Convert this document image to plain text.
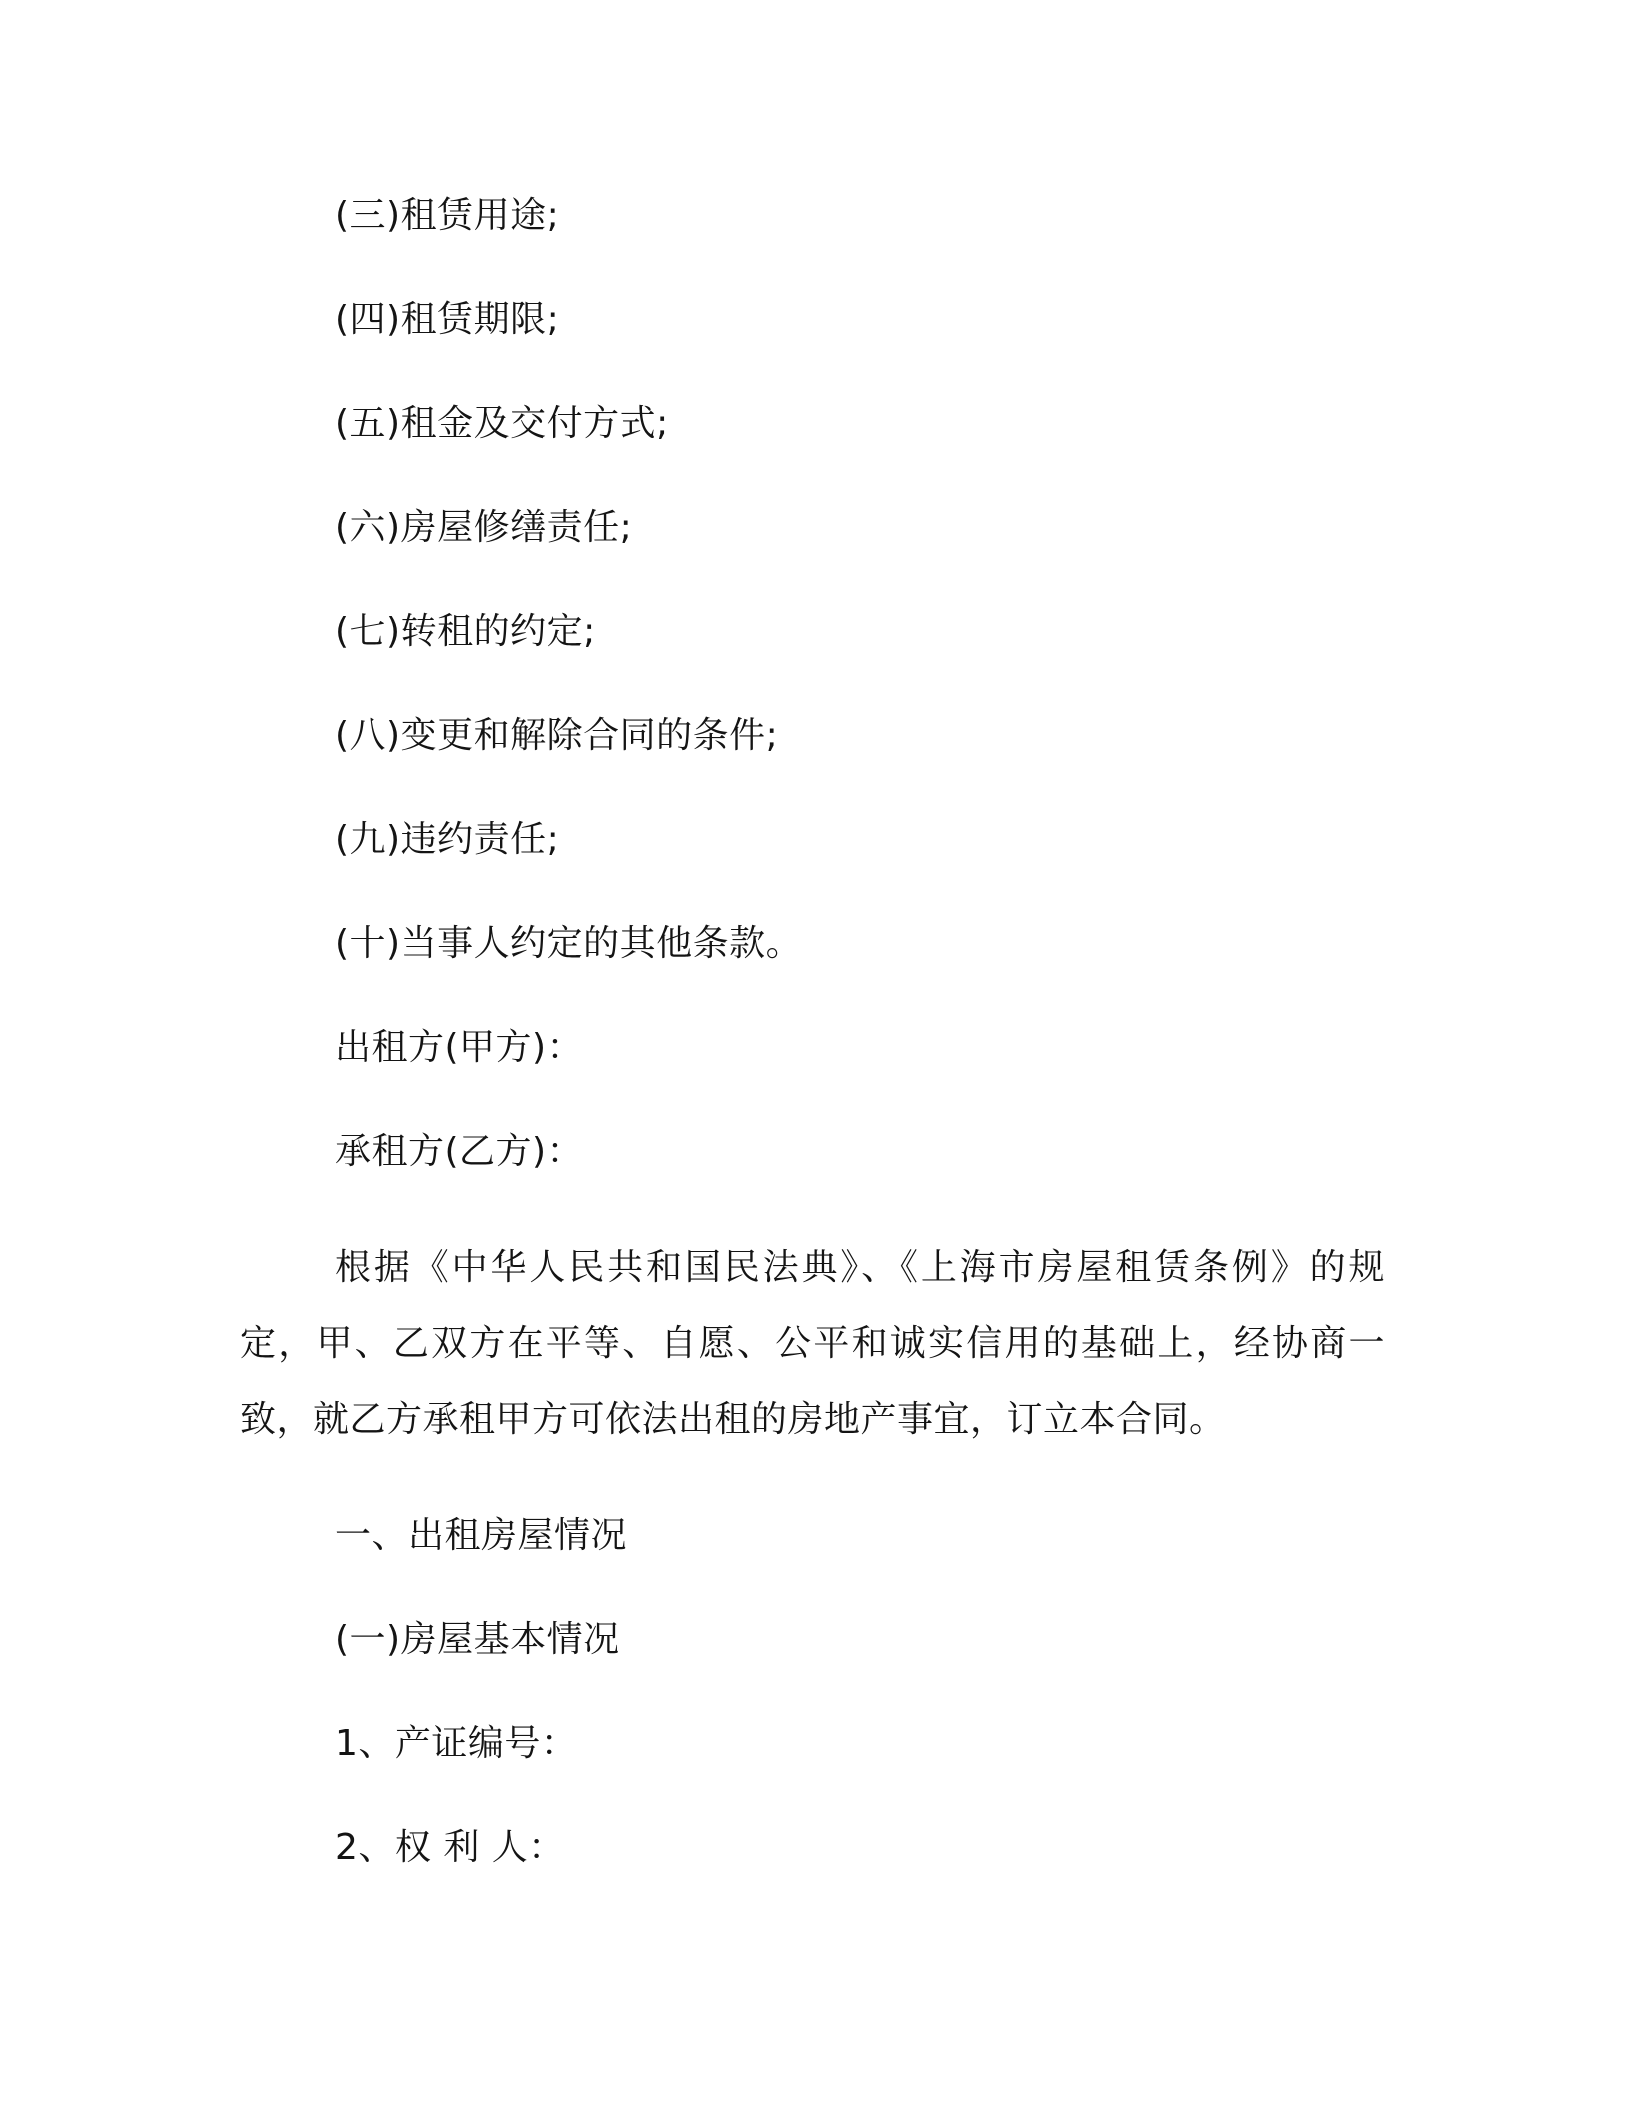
(三)租赁用途;
(四)租赁期限;
(五)租金及交付方式;
(六)房屋修缮责任;
(七)转租的约定;
(八)变更和解除合同的条件;
(九)违约责任;
(十)当事人约定的其他条款。
出租方(甲方)：
承租方(乙方)：

根据《中华人民共和国民法典》、《上海市房屋租赁条例》的规定，甲、乙双方在平等、自愿、公平和诚实信用的基础上，经协商一致，就乙方承租甲方可依法出租的房地产事宜，订立本合同。

一、出租房屋情况
(一)房屋基本情况
1、产证编号：
2、权 利 人：
